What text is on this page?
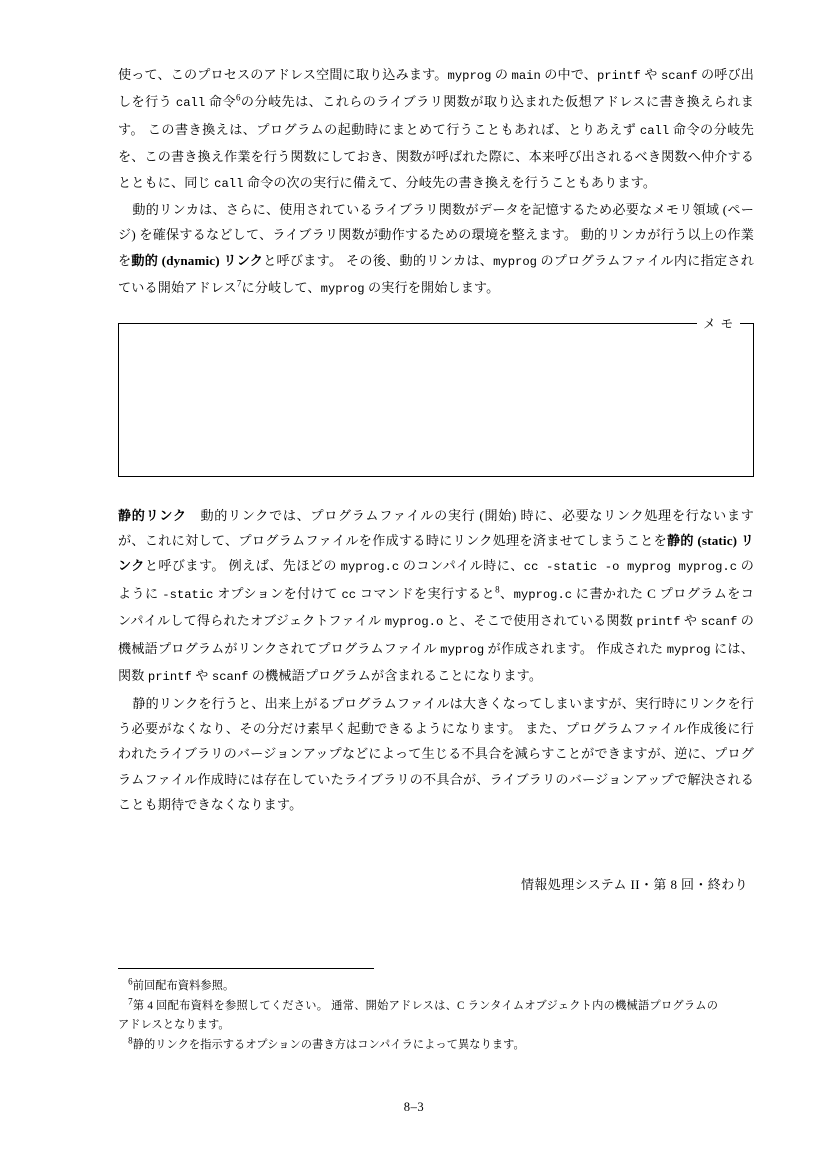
使って、このプロセスのアドレス空間に取り込みます。myprog の main の中で、printf や scanf の呼び出しを行う call 命令$^6$の分岐先は、これらのライブラリ関数が取り込まれた仮想アドレスに書き換えられます。 この書き換えは、プログラムの起動時にまとめて行うこともあれば、とりあえず call 命令の分岐先を、この書き換え作業を行う関数にしておき、関数が呼ばれた際に、本来呼び出されるべき関数へ仲介するとともに、同じ call 命令の次の実行に備えて、分岐先の書き換えを行うこともあります。

動的リンカは、さらに、使用されているライブラリ関数がデータを記憶するため必要なメモリ領域 (ページ) を確保するなどして、ライブラリ関数が動作するための環境を整えます。 動的リンカが行う以上の作業を動的 (dynamic) リンクと呼びます。 その後、動的リンカは、myprog のプログラムファイル内に指定されている開始アドレス$^7$に分岐して、myprog の実行を開始します。

メ モ

静的リンク　動的リンクでは、プログラムファイルの実行 (開始) 時に、必要なリンク処理を行ないますが、これに対して、プログラムファイルを作成する時にリンク処理を済ませてしまうことを静的 (static) リンクと呼びます。 例えば、先ほどの myprog.c のコンパイル時に、cc -static -o myprog myprog.c のように -static オプションを付けて cc コマンドを実行すると$^8$、myprog.c に書かれた C プログラムをコンパイルして得られたオブジェクトファイル myprog.o と、そこで使用されている関数 printf や scanf の機械語プログラムがリンクされてプログラムファイル myprog が作成されます。 作成された myprog には、関数 printf や scanf の機械語プログラムが含まれることになります。

静的リンクを行うと、出来上がるプログラムファイルは大きくなってしまいますが、実行時にリンクを行う必要がなくなり、その分だけ素早く起動できるようになります。 また、プログラムファイル作成後に行われたライブラリのバージョンアップなどによって生じる不具合を減らすことができますが、逆に、プログラムファイル作成時には存在していたライブラリの不具合が、ライブラリのバージョンアップで解決されることも期待できなくなります。

情報処理システム II・第 8 回・終わり

$^6$前回配布資料参照。

$^7$第 4 回配布資料を参照してください。 通常、開始アドレスは、C ランタイムオブジェクト内の機械語プログラムのアドレスとなります。

$^8$静的リンクを指示するオプションの書き方はコンパイラによって異なります。

8–3
